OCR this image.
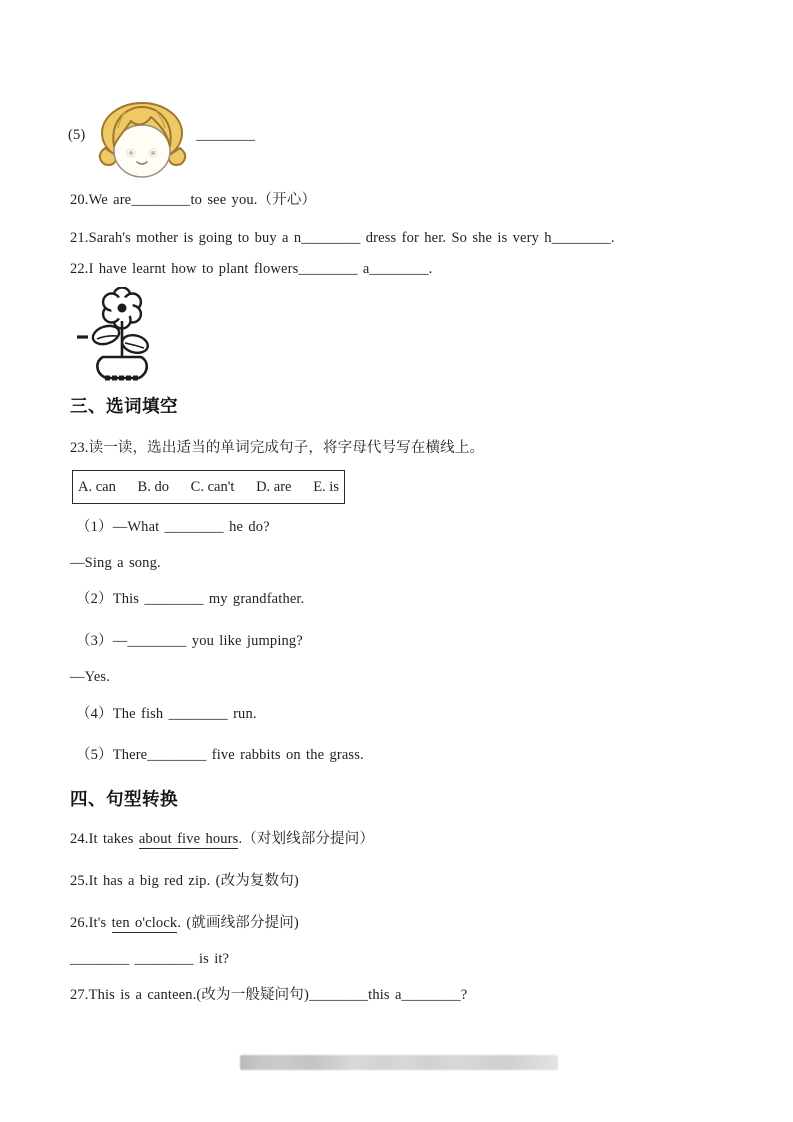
(5)	________
20.We are________to see you.（开心）
21.Sarah's mother is going to buy a n________ dress for her. So she is very h________.
22.I have learnt how to plant flowers________ a________.
三、选词填空
23.读一读，选出适当的单词完成句子，将字母代号写在横线上。
A. can B. do C. can't D. are E. is
（1）—What ________ he do?
—Sing a song.
（2）This ________ my grandfather.
（3）—________ you like jumping?
—Yes.
（4）The fish ________ run.
（5）There________ five rabbits on the grass.
四、句型转换
24.It takes about five hours.（对划线部分提问）
25.It has a big red zip. (改为复数句)
26.It's ten o'clock. (就画线部分提问)
________ ________ is it?
27.This is a canteen.(改为一般疑问句)________this a________?
